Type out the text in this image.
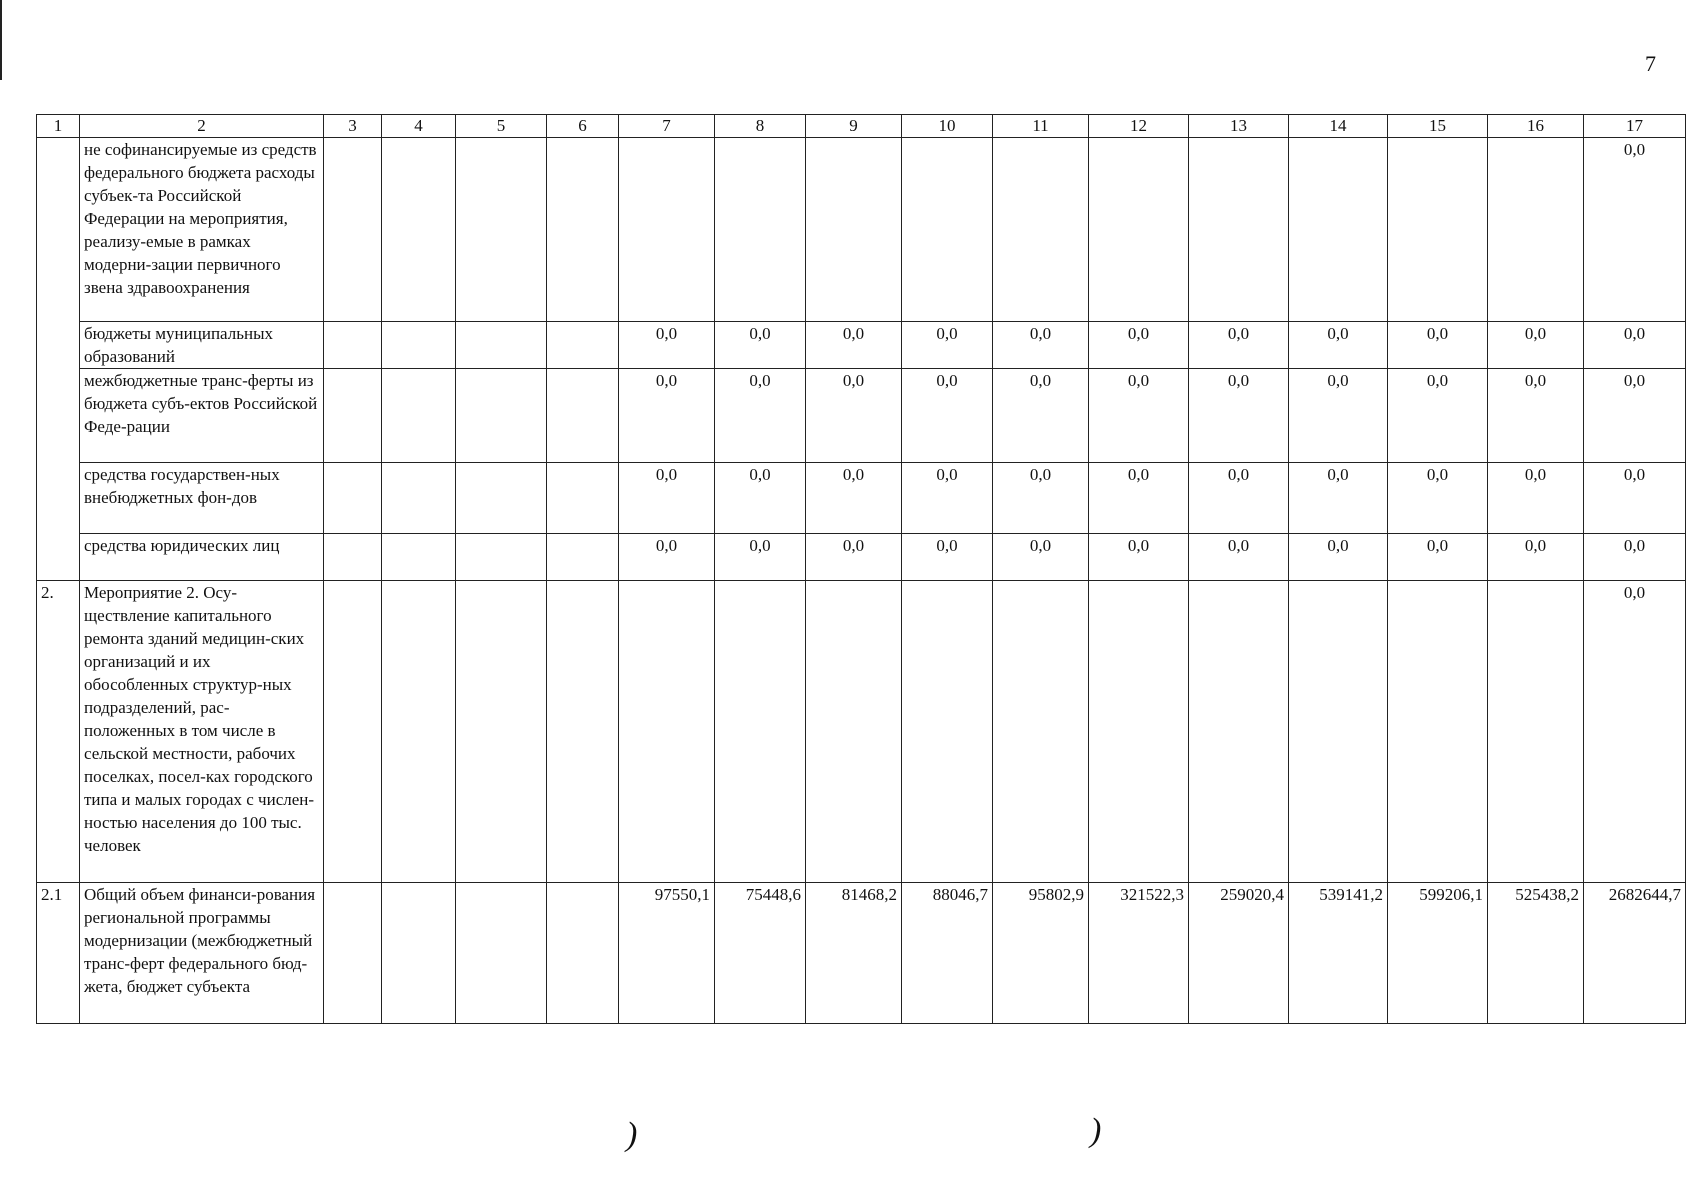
7
1	2	3	4	5	6	7	8	9	10	11	12	13	14	15	16	17
	не софинансируемые из средств федерального бюджета расходы субъек-та Российской Федерации на мероприятия, реализу-емые в рамках модерни-зации первичного звена здравоохранения															0,0
	бюджеты муниципальных образований					0,0	0,0	0,0	0,0	0,0	0,0	0,0	0,0	0,0	0,0	0,0
	межбюджетные транс-ферты из бюджета субъ-ектов Российской Феде-рации					0,0	0,0	0,0	0,0	0,0	0,0	0,0	0,0	0,0	0,0	0,0
	средства государствен-ных внебюджетных фон-дов					0,0	0,0	0,0	0,0	0,0	0,0	0,0	0,0	0,0	0,0	0,0
	средства юридических лиц					0,0	0,0	0,0	0,0	0,0	0,0	0,0	0,0	0,0	0,0	0,0
2.	Мероприятие 2. Осу-ществление капитального ремонта зданий медицин-ских организаций и их обособленных структур-ных подразделений, рас-положенных в том числе в сельской местности, рабочих поселках, посел-ках городского типа и малых городах с числен-ностью населения до 100 тыс. человек															0,0
2.1	Общий объем финанси-рования региональной программы модернизации (межбюджетный транс-ферт федерального бюд-жета, бюджет субъекта					97550,1	75448,6	81468,2	88046,7	95802,9	321522,3	259020,4	539141,2	599206,1	525438,2	2682644,7
)	)
